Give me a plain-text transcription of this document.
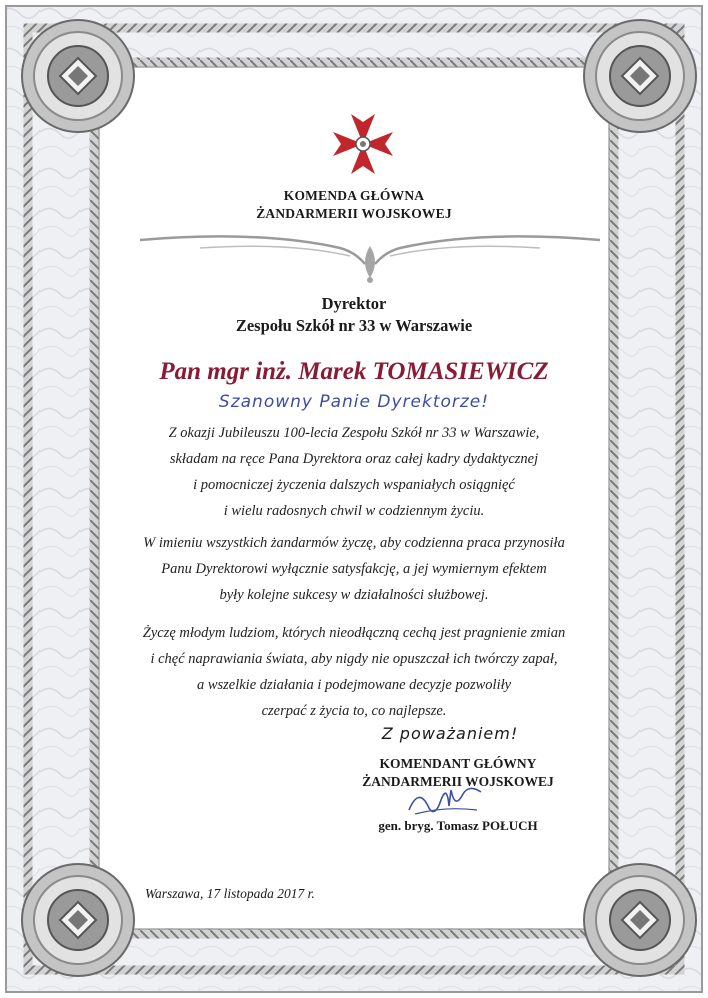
KOMENDA GŁÓWNA
ŻANDARMERII WOJSKOWEJ
Dyrektor
Zespołu Szkół nr 33 w Warszawie
Pan mgr inż. Marek TOMASIEWICZ
Szanowny Panie Dyrektorze!
Z okazji Jubileuszu 100-lecia Zespołu Szkół nr 33 w Warszawie,
składam na ręce Pana Dyrektora oraz całej kadry dydaktycznej
i pomocniczej życzenia dalszych wspaniałych osiągnięć
i wielu radosnych chwil w codziennym życiu.
W imieniu wszystkich żandarmów życzę, aby codzienna praca przynosiła
Panu Dyrektorowi wyłącznie satysfakcję, a jej wymiernym efektem
były kolejne sukcesy w działalności służbowej.
Życzę młodym ludziom, których nieodłączną cechą jest pragnienie zmian
i chęć naprawiania świata, aby nigdy nie opuszczał ich twórczy zapał,
a wszelkie działania i podejmowane decyzje pozwoliły
czerpać z życia to, co najlepsze.
Z poważaniem!
KOMENDANT GŁÓWNY
ŻANDARMERII WOJSKOWEJ
gen. bryg. Tomasz POŁUCH
Warszawa, 17 listopada 2017 r.
